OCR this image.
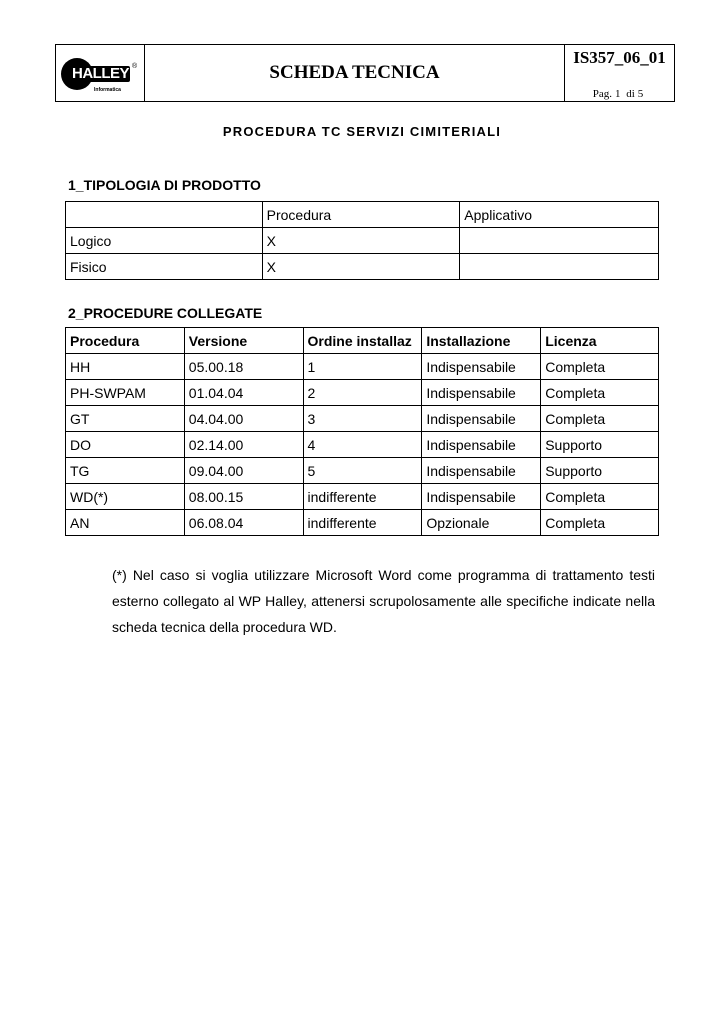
HALLEY ®
Informatica
SCHEDA TECNICA
IS357_06_01
Pag. 1 di 5
PROCEDURA TC SERVIZI CIMITERIALI
1_TIPOLOGIA DI PRODOTTO
	Procedura	Applicativo
Logico	X	
Fisico	X	
2_PROCEDURE COLLEGATE
Procedura	Versione	Ordine installaz	Installazione	Licenza
HH	05.00.18	1	Indispensabile	Completa
PH-SWPAM	01.04.04	2	Indispensabile	Completa
GT	04.04.00	3	Indispensabile	Completa
DO	02.14.00	4	Indispensabile	Supporto
TG	09.04.00	5	Indispensabile	Supporto
WD(*)	08.00.15	indifferente	Indispensabile	Completa
AN	06.08.04	indifferente	Opzionale	Completa
(*) Nel caso si voglia utilizzare Microsoft Word come programma di trattamento testi esterno collegato al WP Halley, attenersi scrupolosamente alle specifiche indicate nella scheda tecnica della procedura WD.
